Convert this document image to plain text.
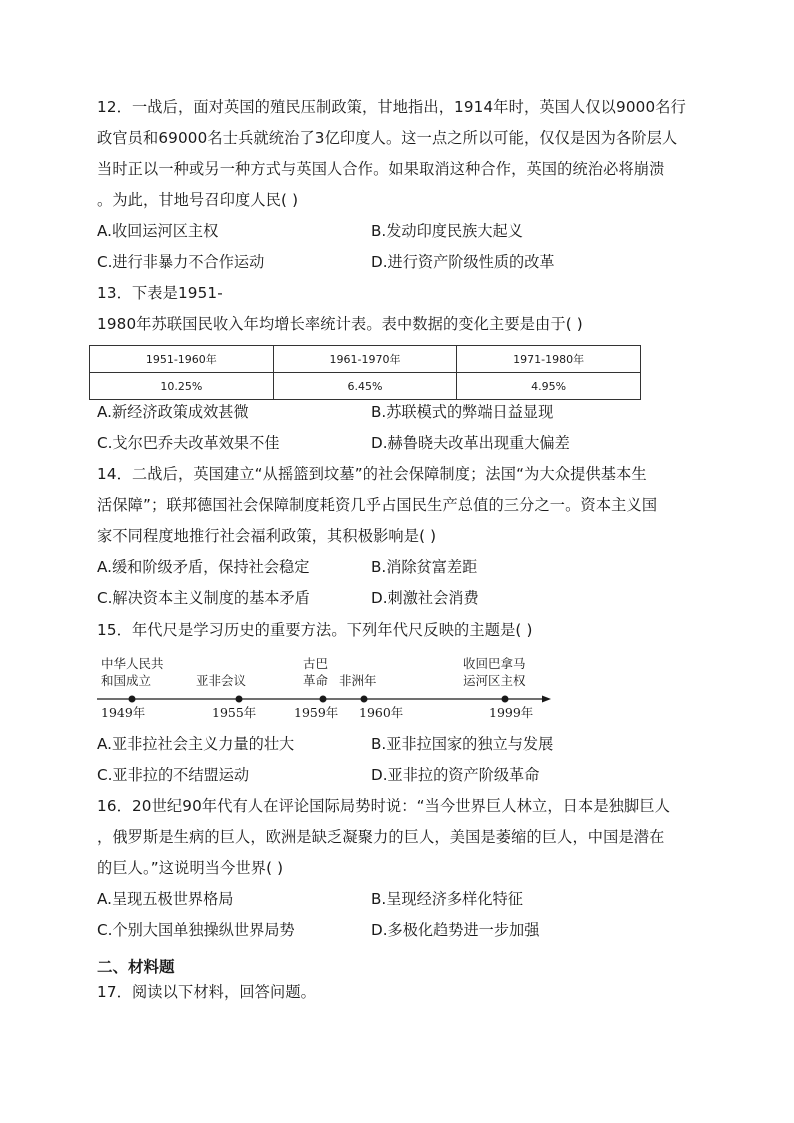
12．一战后，面对英国的殖民压制政策，甘地指出，1914年时，英国人仅以9000名行
政官员和69000名士兵就统治了3亿印度人。这一点之所以可能，仅仅是因为各阶层人
当时正以一种或另一种方式与英国人合作。如果取消这种合作，英国的统治必将崩溃
。为此，甘地号召印度人民( )
A.收回运河区主权	B.发动印度民族大起义
C.进行非暴力不合作运动	D.进行资产阶级性质的改革
13．下表是1951-
1980年苏联国民收入年均增长率统计表。表中数据的变化主要是由于( )
1951-1960年	1961-1970年	1971-1980年
10.25%	6.45%	4.95%
A.新经济政策成效甚微	B.苏联模式的弊端日益显现
C.戈尔巴乔夫改革效果不佳	D.赫鲁晓夫改革出现重大偏差
14．二战后，英国建立“从摇篮到坟墓”的社会保障制度；法国“为大众提供基本生
活保障”；联邦德国社会保障制度耗资几乎占国民生产总值的三分之一。资本主义国
家不同程度地推行社会福利政策，其积极影响是( )
A.缓和阶级矛盾，保持社会稳定	B.消除贫富差距
C.解决资本主义制度的基本矛盾	D.刺激社会消费
15．年代尺是学习历史的重要方法。下列年代尺反映的主题是( )
中华人民共
和国成立
1949年
亚非会议
1955年
古巴
革命
1959年
非洲年
1960年
收回巴拿马
运河区主权
1999年
A.亚非拉社会主义力量的壮大	B.亚非拉国家的独立与发展
C.亚非拉的不结盟运动	D.亚非拉的资产阶级革命
16．20世纪90年代有人在评论国际局势时说：“当今世界巨人林立，日本是独脚巨人
，俄罗斯是生病的巨人，欧洲是缺乏凝聚力的巨人，美国是萎缩的巨人，中国是潜在
的巨人。”这说明当今世界( )
A.呈现五极世界格局	B.呈现经济多样化特征
C.个别大国单独操纵世界局势	D.多极化趋势进一步加强
二、材料题
17．阅读以下材料，回答问题。
